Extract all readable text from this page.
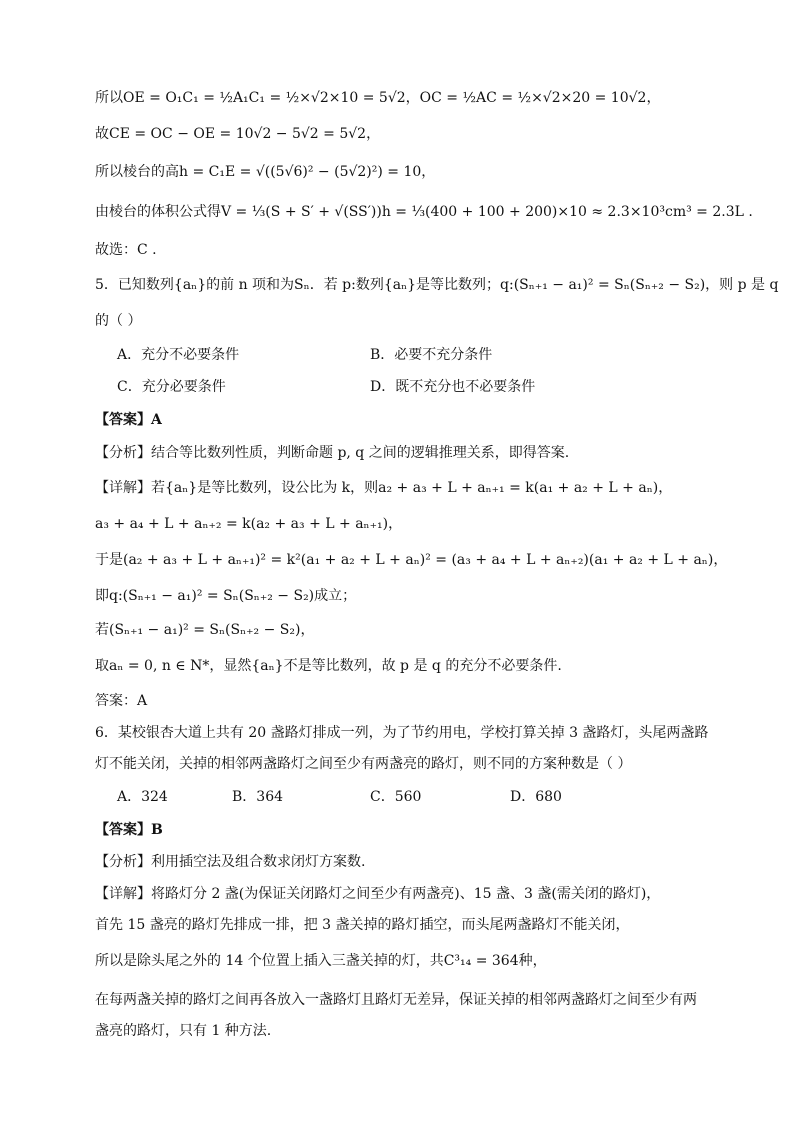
所以OE = O₁C₁ = ½A₁C₁ = ½×√2×10 = 5√2，OC = ½AC = ½×√2×20 = 10√2，
故CE = OC − OE = 10√2 − 5√2 = 5√2，
所以棱台的高h = C₁E = √((5√6)² − (5√2)²) = 10，
由棱台的体积公式得V = ⅓(S + S′ + √(SS′))h = ⅓(400 + 100 + 200)×10 ≈ 2.3×10³cm³ = 2.3L .
故选：C .
5．已知数列{aₙ}的前 n 项和为Sₙ．若 p:数列{aₙ}是等比数列；q:(Sₙ₊₁ − a₁)² = Sₙ(Sₙ₊₂ − S₂)，则 p 是 q
的（ ）
A．充分不必要条件	B．必要不充分条件
C．充分必要条件	D．既不充分也不必要条件
【答案】A
【分析】结合等比数列性质，判断命题 p, q 之间的逻辑推理关系，即得答案.
【详解】若{aₙ}是等比数列，设公比为 k，则a₂ + a₃ + L + aₙ₊₁ = k(a₁ + a₂ + L + aₙ)，
a₃ + a₄ + L + aₙ₊₂ = k(a₂ + a₃ + L + aₙ₊₁)，
于是(a₂ + a₃ + L + aₙ₊₁)² = k²(a₁ + a₂ + L + aₙ)² = (a₃ + a₄ + L + aₙ₊₂)(a₁ + a₂ + L + aₙ)，
即q:(Sₙ₊₁ − a₁)² = Sₙ(Sₙ₊₂ − S₂)成立；
若(Sₙ₊₁ − a₁)² = Sₙ(Sₙ₊₂ − S₂)，
取aₙ = 0, n ∈ N*，显然{aₙ}不是等比数列，故 p 是 q 的充分不必要条件.
答案：A
6．某校银杏大道上共有 20 盏路灯排成一列，为了节约用电，学校打算关掉 3 盏路灯，头尾两盏路
灯不能关闭，关掉的相邻两盏路灯之间至少有两盏亮的路灯，则不同的方案种数是（ ）
A．324	B．364	C．560	D．680
【答案】B
【分析】利用插空法及组合数求闭灯方案数.
【详解】将路灯分 2 盏(为保证关闭路灯之间至少有两盏亮)、15 盏、3 盏(需关闭的路灯)，
首先 15 盏亮的路灯先排成一排，把 3 盏关掉的路灯插空，而头尾两盏路灯不能关闭，
所以是除头尾之外的 14 个位置上插入三盏关掉的灯，共C³₁₄ = 364种，
在每两盏关掉的路灯之间再各放入一盏路灯且路灯无差异，保证关掉的相邻两盏路灯之间至少有两
盏亮的路灯，只有 1 种方法.
